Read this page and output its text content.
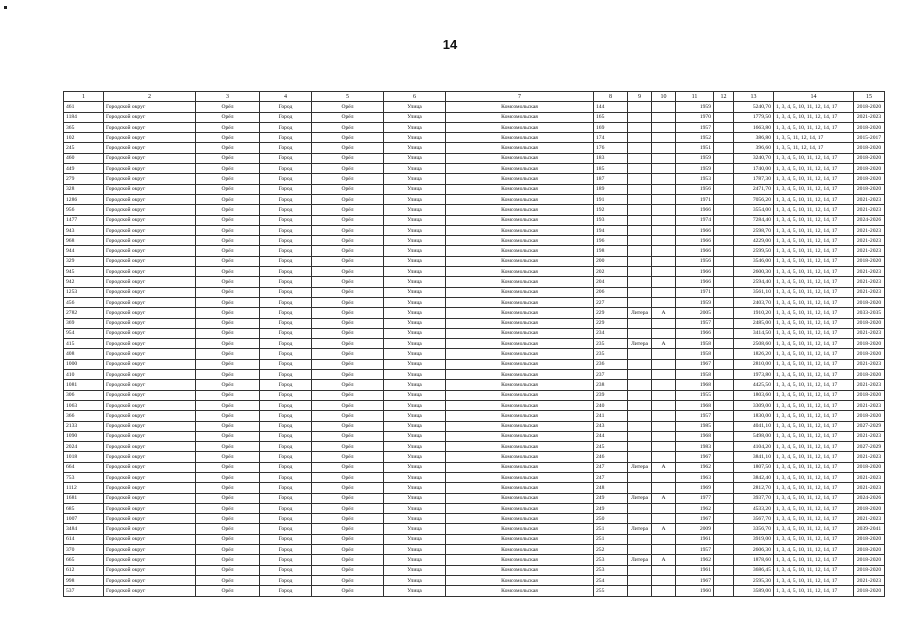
14
1	2	3	4	5	6	7	8	9	10	11	12	13	14	15
461	Городской округ	Орёл	Город	Орёл	Улица	Комсомольская	144			1959		5240,70	1, 3, 4, 5, 10, 11, 12, 14, 17	2018-2020
1184	Городской округ	Орёл	Город	Орёл	Улица	Комсомольская	165			1970		1779,50	1, 3, 4, 5, 10, 11, 12, 14, 17	2021-2023
365	Городской округ	Орёл	Город	Орёл	Улица	Комсомольская	169			1957		1663,80	1, 3, 4, 5, 10, 11, 12, 14, 17	2018-2020
102	Городской округ	Орёл	Город	Орёл	Улица	Комсомольская	174			1952		386,80	1, 3, 5, 11, 12, 14, 17	2015-2017
245	Городской округ	Орёл	Город	Орёл	Улица	Комсомольская	176			1951		396,60	1, 3, 5, 11, 12, 14, 17	2018-2020
460	Городской округ	Орёл	Город	Орёл	Улица	Комсомольская	183			1959		3240,70	1, 3, 4, 5, 10, 11, 12, 14, 17	2018-2020
449	Городской округ	Орёл	Город	Орёл	Улица	Комсомольская	185			1959		1740,00	1, 3, 4, 5, 10, 11, 12, 14, 17	2018-2020
279	Городской округ	Орёл	Город	Орёл	Улица	Комсомольская	187			1953		1787,30	1, 3, 4, 5, 10, 11, 12, 14, 17	2018-2020
328	Городской округ	Орёл	Город	Орёл	Улица	Комсомольская	189			1956		2471,70	1, 3, 4, 5, 10, 11, 12, 14, 17	2018-2020
1286	Городской округ	Орёл	Город	Орёл	Улица	Комсомольская	191			1971		7056,20	1, 3, 4, 5, 10, 11, 12, 14, 17	2021-2023
956	Городской округ	Орёл	Город	Орёл	Улица	Комсомольская	192			1966		3554,00	1, 3, 4, 5, 10, 11, 12, 14, 17	2021-2023
1477	Городской округ	Орёл	Город	Орёл	Улица	Комсомольская	193			1974		7284,40	1, 3, 4, 5, 10, 11, 12, 14, 17	2024-2026
943	Городской округ	Орёл	Город	Орёл	Улица	Комсомольская	194			1966		2598,70	1, 3, 4, 5, 10, 11, 12, 14, 17	2021-2023
968	Городской округ	Орёл	Город	Орёл	Улица	Комсомольская	196			1966		4229,00	1, 3, 4, 5, 10, 11, 12, 14, 17	2021-2023
944	Городской округ	Орёл	Город	Орёл	Улица	Комсомольская	198			1966		2599,50	1, 3, 4, 5, 10, 11, 12, 14, 17	2021-2023
329	Городской округ	Орёл	Город	Орёл	Улица	Комсомольская	200			1956		3546,00	1, 3, 4, 5, 10, 11, 12, 14, 17	2018-2020
945	Городской округ	Орёл	Город	Орёл	Улица	Комсомольская	202			1966		2600,30	1, 3, 4, 5, 10, 11, 12, 14, 17	2021-2023
942	Городской округ	Орёл	Город	Орёл	Улица	Комсомольская	204			1966		2594,40	1, 3, 4, 5, 10, 11, 12, 14, 17	2021-2023
1253	Городской округ	Орёл	Город	Орёл	Улица	Комсомольская	206			1971		3561,10	1, 3, 4, 5, 10, 11, 12, 14, 17	2021-2023
456	Городской округ	Орёл	Город	Орёл	Улица	Комсомольская	227			1959		2403,70	1, 3, 4, 5, 10, 11, 12, 14, 17	2018-2020
2782	Городской округ	Орёл	Город	Орёл	Улица	Комсомольская	229	Литера	А	2005		1910,20	1, 3, 4, 5, 10, 11, 12, 14, 17	2033-2035
369	Городской округ	Орёл	Город	Орёл	Улица	Комсомольская	229			1957		2485,00	1, 3, 4, 5, 10, 11, 12, 14, 17	2018-2020
954	Городской округ	Орёл	Город	Орёл	Улица	Комсомольская	234			1966		3414,50	1, 3, 4, 5, 10, 11, 12, 14, 17	2021-2023
415	Городской округ	Орёл	Город	Орёл	Улица	Комсомольская	235	Литера	А	1958		2508,60	1, 3, 4, 5, 10, 11, 12, 14, 17	2018-2020
408	Городской округ	Орёл	Город	Орёл	Улица	Комсомольская	235			1958		1826,20	1, 3, 4, 5, 10, 11, 12, 14, 17	2018-2020
1000	Городской округ	Орёл	Город	Орёл	Улица	Комсомольская	236			1967		2810,00	1, 3, 4, 5, 10, 11, 12, 14, 17	2021-2023
410	Городской округ	Орёл	Город	Орёл	Улица	Комсомольская	237			1958		1973,80	1, 3, 4, 5, 10, 11, 12, 14, 17	2018-2020
1081	Городской округ	Орёл	Город	Орёл	Улица	Комсомольская	238			1968		4425,50	1, 3, 4, 5, 10, 11, 12, 14, 17	2021-2023
306	Городской округ	Орёл	Город	Орёл	Улица	Комсомольская	239			1955		1803,60	1, 3, 4, 5, 10, 11, 12, 14, 17	2018-2020
1063	Городской округ	Орёл	Город	Орёл	Улица	Комсомольская	240			1968		3309,00	1, 3, 4, 5, 10, 11, 12, 14, 17	2021-2023
366	Городской округ	Орёл	Город	Орёл	Улица	Комсомольская	241			1957		1830,00	1, 3, 4, 5, 10, 11, 12, 14, 17	2018-2020
2133	Городской округ	Орёл	Город	Орёл	Улица	Комсомольская	243			1985		4041,10	1, 3, 4, 5, 10, 11, 12, 14, 17	2027-2029
1090	Городской округ	Орёл	Город	Орёл	Улица	Комсомольская	244			1968		5498,00	1, 3, 4, 5, 10, 11, 12, 14, 17	2021-2023
2024	Городской округ	Орёл	Город	Орёл	Улица	Комсомольская	245			1983		4104,20	1, 3, 4, 5, 10, 11, 12, 14, 17	2027-2029
1018	Городской округ	Орёл	Город	Орёл	Улица	Комсомольская	246			1967		3841,10	1, 3, 4, 5, 10, 11, 12, 14, 17	2021-2023
664	Городской округ	Орёл	Город	Орёл	Улица	Комсомольская	247	Литера	А	1962		1807,50	1, 3, 4, 5, 10, 11, 12, 14, 17	2018-2020
753	Городской округ	Орёл	Город	Орёл	Улица	Комсомольская	247			1963		3842,40	1, 3, 4, 5, 10, 11, 12, 14, 17	2021-2023
1112	Городской округ	Орёл	Город	Орёл	Улица	Комсомольская	248			1969		2812,70	1, 3, 4, 5, 10, 11, 12, 14, 17	2021-2023
1681	Городской округ	Орёл	Город	Орёл	Улица	Комсомольская	249	Литера	А	1977		3937,70	1, 3, 4, 5, 10, 11, 12, 14, 17	2024-2026
685	Городской округ	Орёл	Город	Орёл	Улица	Комсомольская	249			1962		4533,20	1, 3, 4, 5, 10, 11, 12, 14, 17	2018-2020
1007	Городской округ	Орёл	Город	Орёл	Улица	Комсомольская	250			1967		3567,70	1, 3, 4, 5, 10, 11, 12, 14, 17	2021-2023
3484	Городской округ	Орёл	Город	Орёл	Улица	Комсомольская	251	Литера	А	2009		3356,70	1, 3, 4, 5, 10, 11, 12, 14, 17	2039-2041
614	Городской округ	Орёл	Город	Орёл	Улица	Комсомольская	251			1961		3919,00	1, 3, 4, 5, 10, 11, 12, 14, 17	2018-2020
370	Городской округ	Орёл	Город	Орёл	Улица	Комсомольская	252			1957		2606,30	1, 3, 4, 5, 10, 11, 12, 14, 17	2018-2020
665	Городской округ	Орёл	Город	Орёл	Улица	Комсомольская	253	Литера	А	1962		1878,60	1, 3, 4, 5, 10, 11, 12, 14, 17	2018-2020
612	Городской округ	Орёл	Город	Орёл	Улица	Комсомольская	253			1961		3686,45	1, 3, 4, 5, 10, 11, 12, 14, 17	2018-2020
998	Городской округ	Орёл	Город	Орёл	Улица	Комсомольская	254			1967		2595,30	1, 3, 4, 5, 10, 11, 12, 14, 17	2021-2023
537	Городской округ	Орёл	Город	Орёл	Улица	Комсомольская	255			1960		3589,00	1, 3, 4, 5, 10, 11, 12, 14, 17	2018-2020
